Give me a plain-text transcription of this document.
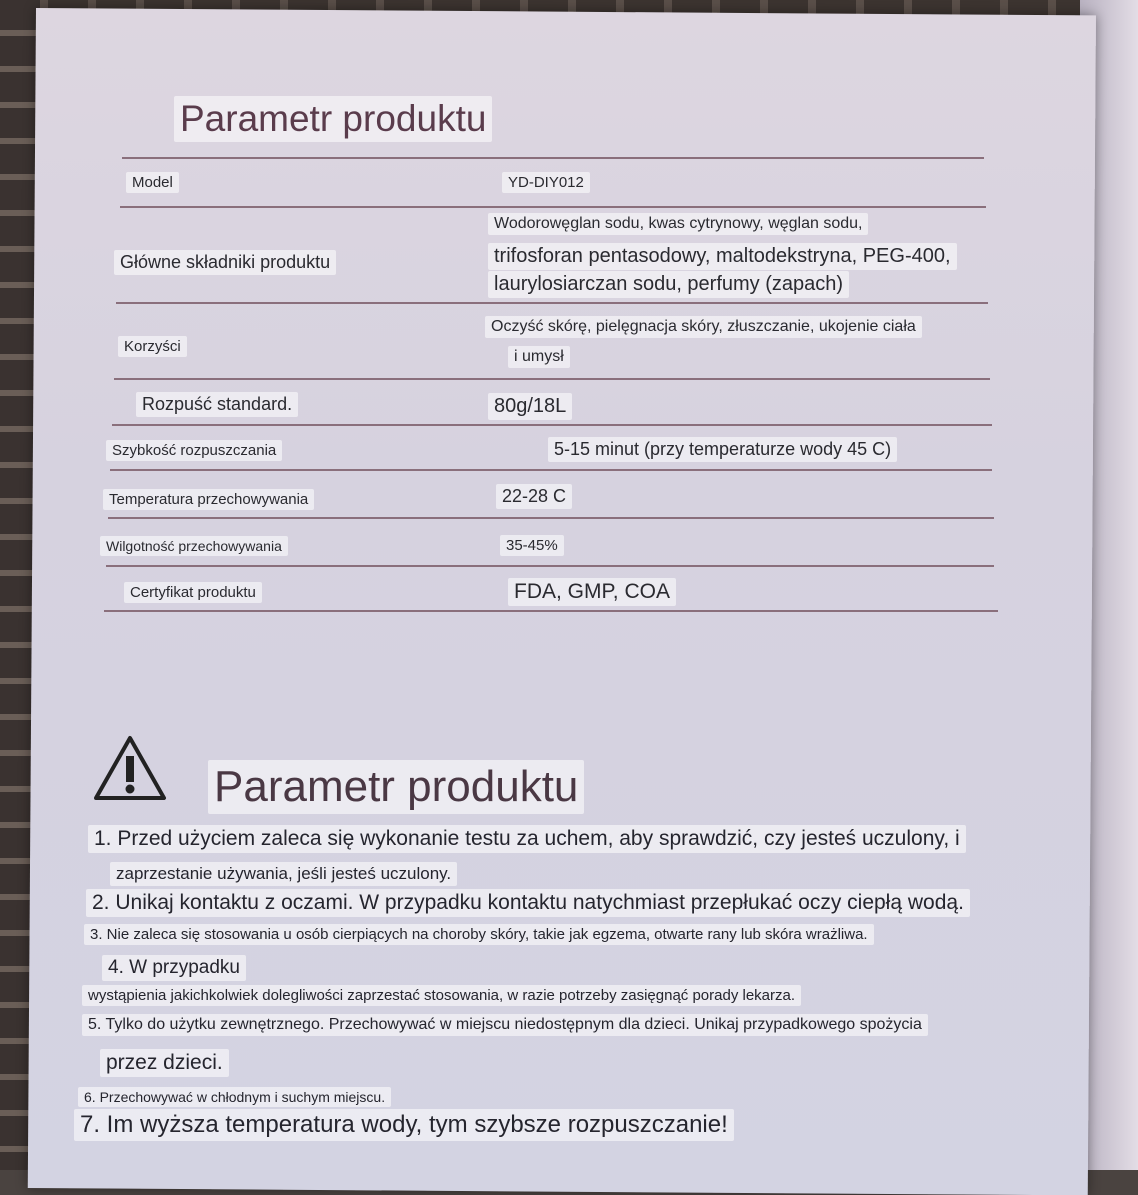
Parametr produktu
Model	YD-DIY012
Główne składniki produktu
Wodorowęglan sodu, kwas cytrynowy, węglan sodu,
trifosforan pentasodowy, maltodekstryna, PEG-400,
laurylosiarczan sodu, perfumy (zapach)
Korzyści
Oczyść skórę, pielęgnacja skóry, złuszczanie, ukojenie ciała
i umysł
Rozpuść standard.	80g/18L
Szybkość rozpuszczania	5-15 minut (przy temperaturze wody 45 C)
Temperatura przechowywania	22-28 C
Wilgotność przechowywania	35-45%
Certyfikat produktu	FDA, GMP, COA
Parametr produktu
1. Przed użyciem zaleca się wykonanie testu za uchem, aby sprawdzić, czy jesteś uczulony, i
zaprzestanie używania, jeśli jesteś uczulony.
2. Unikaj kontaktu z oczami. W przypadku kontaktu natychmiast przepłukać oczy ciepłą wodą.
3. Nie zaleca się stosowania u osób cierpiących na choroby skóry, takie jak egzema, otwarte rany lub skóra wrażliwa.
4. W przypadku
wystąpienia jakichkolwiek dolegliwości zaprzestać stosowania, w razie potrzeby zasięgnąć porady lekarza.
5. Tylko do użytku zewnętrznego. Przechowywać w miejscu niedostępnym dla dzieci. Unikaj przypadkowego spożycia
przez dzieci.
6. Przechowywać w chłodnym i suchym miejscu.
7. Im wyższa temperatura wody, tym szybsze rozpuszczanie!
